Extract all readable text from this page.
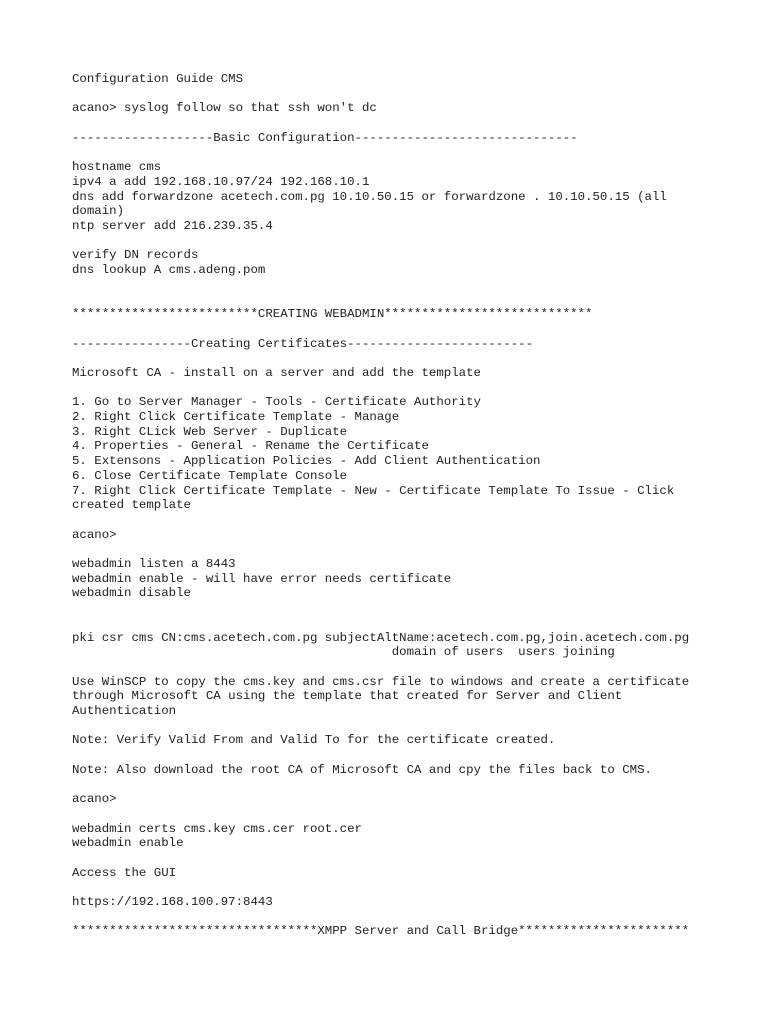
Configuration Guide CMS
acano> syslog follow so that ssh won't dc
-------------------Basic Configuration------------------------------
hostname cms
ipv4 a add 192.168.10.97/24 192.168.10.1
dns add forwardzone acetech.com.pg 10.10.50.15 or forwardzone . 10.10.50.15 (all
domain)
ntp server add 216.239.35.4
verify DN records
dns lookup A cms.adeng.pom
*************************CREATING WEBADMIN****************************
----------------Creating Certificates-------------------------
Microsoft CA - install on a server and add the template
1. Go to Server Manager - Tools - Certificate Authority
2. Right Click Certificate Template - Manage
3. Right CLick Web Server - Duplicate
4. Properties - General - Rename the Certificate
5. Extensons - Application Policies - Add Client Authentication
6. Close Certificate Template Console
7. Right Click Certificate Template - New - Certificate Template To Issue - Click
created template
acano>
webadmin listen a 8443
webadmin enable - will have error needs certificate
webadmin disable
pki csr cms CN:cms.acetech.com.pg subjectAltName:acetech.com.pg,join.acetech.com.pg
domain of users  users joining
Use WinSCP to copy the cms.key and cms.csr file to windows and create a certificate
through Microsoft CA using the template that created for Server and Client
Authentication
Note: Verify Valid From and Valid To for the certificate created.
Note: Also download the root CA of Microsoft CA and cpy the files back to CMS.
acano>
webadmin certs cms.key cms.cer root.cer
webadmin enable
Access the GUI
https://192.168.100.97:8443
*********************************XMPP Server and Call Bridge***********************
